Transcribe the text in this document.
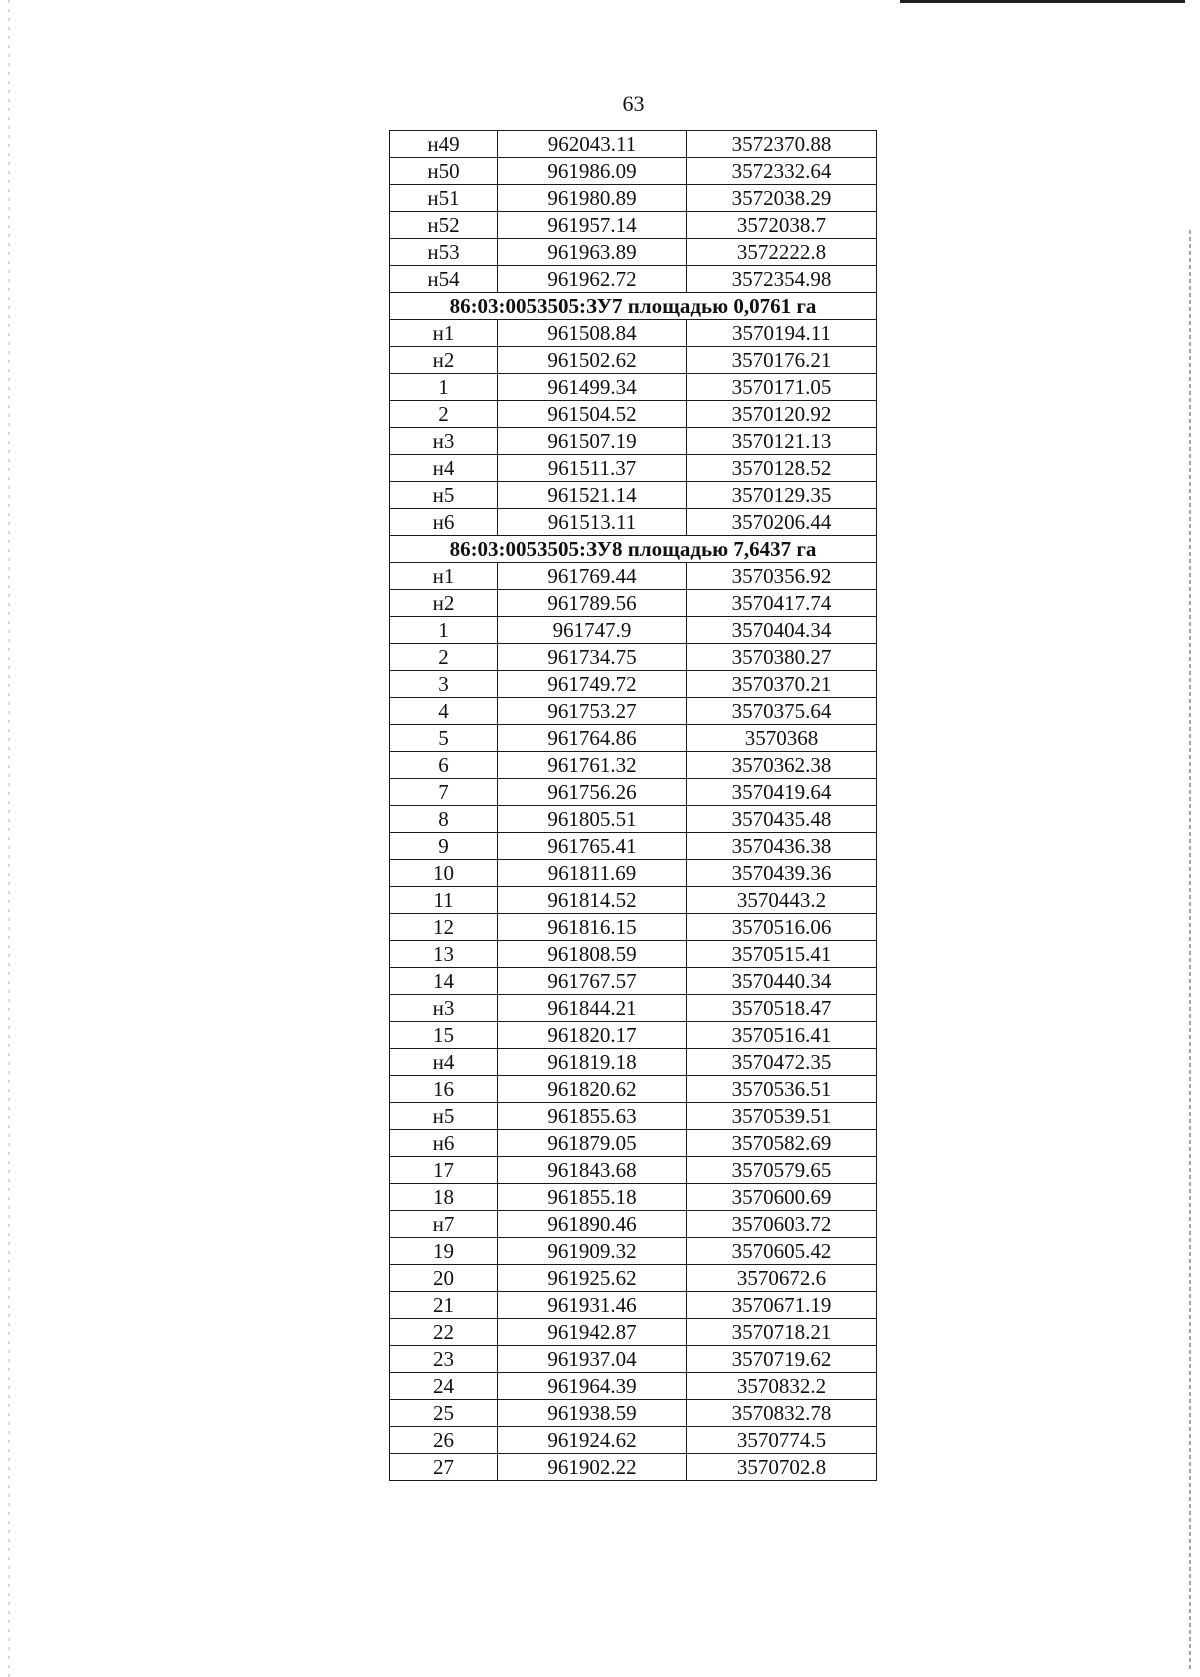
63
н49	962043.11	3572370.88
н50	961986.09	3572332.64
н51	961980.89	3572038.29
н52	961957.14	3572038.7
н53	961963.89	3572222.8
н54	961962.72	3572354.98
86:03:0053505:ЗУ7 площадью 0,0761 га		
н1	961508.84	3570194.11
н2	961502.62	3570176.21
1	961499.34	3570171.05
2	961504.52	3570120.92
н3	961507.19	3570121.13
н4	961511.37	3570128.52
н5	961521.14	3570129.35
н6	961513.11	3570206.44
86:03:0053505:ЗУ8 площадью 7,6437 га		
н1	961769.44	3570356.92
н2	961789.56	3570417.74
1	961747.9	3570404.34
2	961734.75	3570380.27
3	961749.72	3570370.21
4	961753.27	3570375.64
5	961764.86	3570368
6	961761.32	3570362.38
7	961756.26	3570419.64
8	961805.51	3570435.48
9	961765.41	3570436.38
10	961811.69	3570439.36
11	961814.52	3570443.2
12	961816.15	3570516.06
13	961808.59	3570515.41
14	961767.57	3570440.34
н3	961844.21	3570518.47
15	961820.17	3570516.41
н4	961819.18	3570472.35
16	961820.62	3570536.51
н5	961855.63	3570539.51
н6	961879.05	3570582.69
17	961843.68	3570579.65
18	961855.18	3570600.69
н7	961890.46	3570603.72
19	961909.32	3570605.42
20	961925.62	3570672.6
21	961931.46	3570671.19
22	961942.87	3570718.21
23	961937.04	3570719.62
24	961964.39	3570832.2
25	961938.59	3570832.78
26	961924.62	3570774.5
27	961902.22	3570702.8
